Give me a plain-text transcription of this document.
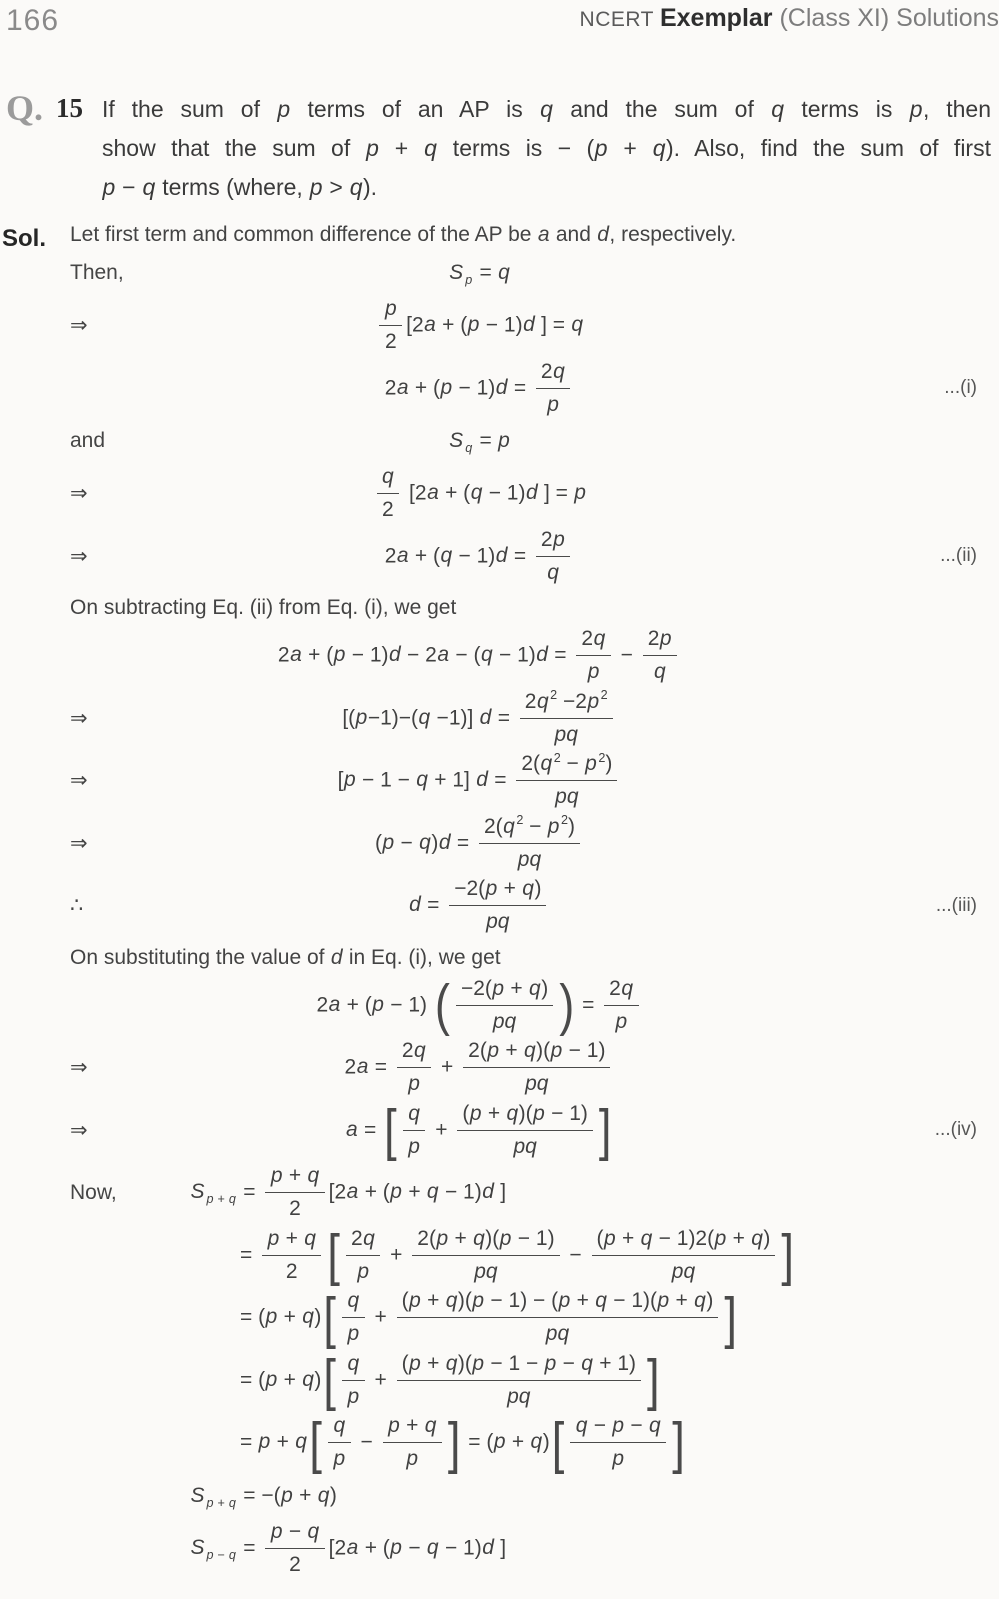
166	NCERT Exemplar (Class XI) Solutions
Q. 15 If the sum of p terms of an AP is q and the sum of q terms is p, then
show that the sum of p + q terms is − (p + q). Also, find the sum of first
p − q terms (where, p > q).
Sol.	Let first term and common difference of the AP be a and d, respectively.
Then,	S $_p$ = q
⇒	$\frac{p}{2} [2a + (p - 1)d$ ] = q
$2a + (p - 1)d = \frac{2q}{p}$	...(i)
and	S $_q$ = p
⇒	$\frac{q}{2} [2a + (q - 1)d$ ] = p
⇒	$2a + (q - 1)d = \frac{2p}{q}$	...(ii)
On subtracting Eq. (ii) from Eq. (i), we get
$2a + (p - 1)d - 2a - (q - 1)d = \frac{2q}{p} - \frac{2p}{q}$
⇒	[(p−1)−(q −1)] $d = \frac{2q ^2 -2p ^2}{pq}$
⇒	[p − 1 − q + 1] $d = \frac{2(q ^2 - p ^2)}{pq}$
⇒	$(p - q)d = \frac{2(q ^2 - p ^2)}{pq}$
∴	$d = \frac{-2(p + q)}{pq}$	...(iii)
On substituting the value of d in Eq. (i), we get
2a + (p − 1) ( $\frac{-2(p + q)}{pq}$ ) = $\frac{2q}{p}$
⇒	$2a = \frac{2q}{p} + \frac{2(p + q)(p - 1)}{pq}$
⇒	a = [ $\frac{q}{p} + \frac{(p + q)(p - 1)}{pq}$ ]	...(iv)
Now,	S $_{p + q} = \frac{p + q}{2} [2a + (p + q - 1)d$ ]
= $\frac{p + q}{2}$ [ $\frac{2q}{p} + \frac{2(p + q)(p - 1)}{pq} - \frac{(p + q - 1)2(p + q)}{pq}$ ]
= $(p + q)[ \frac{q}{p} + \frac{(p + q)(p - 1) - (p + q - 1)(p + q)}{pq}$ ]
= $(p + q)[ \frac{q}{p} + \frac{(p + q)(p - 1 - p - q + 1)}{pq}$ ]
= $p + q[ \frac{q}{p} - \frac{p + q}{p}$ ] = $(p + q)[ \frac{q - p - q}{p}$ ]
S $_{p + q}$ = −(p + q)
S $_{p - q} = \frac{p - q}{2} [2a + (p - q - 1)d$ ]
